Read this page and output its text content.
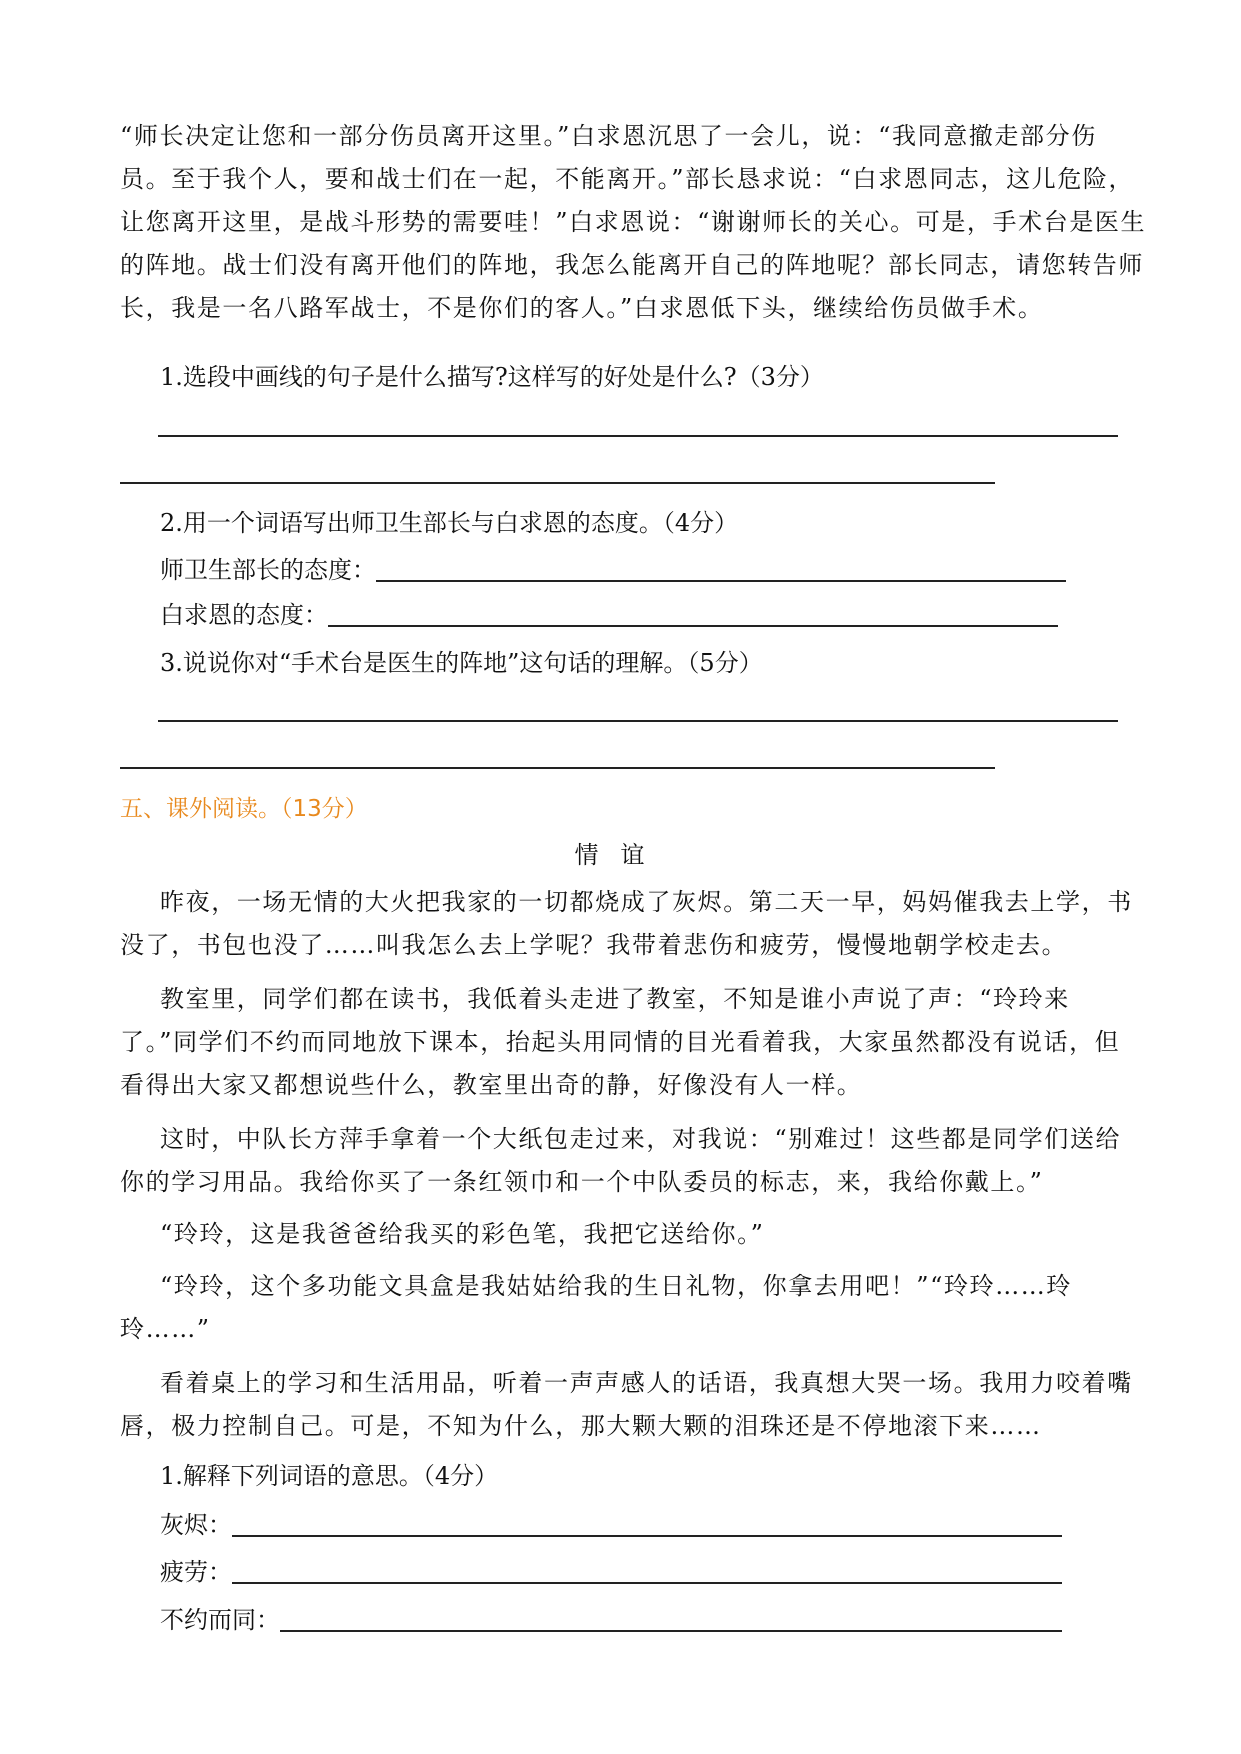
“师长决定让您和一部分伤员离开这里。”白求恩沉思了一会儿，说：“我同意撤走部分伤
员。至于我个人，要和战士们在一起，不能离开。”部长恳求说：“白求恩同志，这儿危险，
让您离开这里，是战斗形势的需要哇！”白求恩说：“谢谢师长的关心。可是，手术台是医生
的阵地。战士们没有离开他们的阵地，我怎么能离开自己的阵地呢？部长同志，请您转告师
长，我是一名八路军战士，不是你们的客人。”白求恩低下头，继续给伤员做手术。
1.选段中画线的句子是什么描写?这样写的好处是什么?（3分）
2.用一个词语写出师卫生部长与白求恩的态度。（4分）
师卫生部长的态度：
白求恩的态度：
3.说说你对“手术台是医生的阵地”这句话的理解。（5分）
五、课外阅读。（13分）
情谊
昨夜，一场无情的大火把我家的一切都烧成了灰烬。第二天一早，妈妈催我去上学，书
没了，书包也没了……叫我怎么去上学呢？我带着悲伤和疲劳，慢慢地朝学校走去。
教室里，同学们都在读书，我低着头走进了教室，不知是谁小声说了声：“玲玲来
了。”同学们不约而同地放下课本，抬起头用同情的目光看着我，大家虽然都没有说话，但
看得出大家又都想说些什么，教室里出奇的静，好像没有人一样。
这时，中队长方萍手拿着一个大纸包走过来，对我说：“别难过！这些都是同学们送给
你的学习用品。我给你买了一条红领巾和一个中队委员的标志，来，我给你戴上。”
“玲玲，这是我爸爸给我买的彩色笔，我把它送给你。”
“玲玲，这个多功能文具盒是我姑姑给我的生日礼物，你拿去用吧！”“玲玲……玲
玲……”
看着桌上的学习和生活用品，听着一声声感人的话语，我真想大哭一场。我用力咬着嘴
唇，极力控制自己。可是，不知为什么，那大颗大颗的泪珠还是不停地滚下来……
1.解释下列词语的意思。（4分）
灰烬：
疲劳：
不约而同：
